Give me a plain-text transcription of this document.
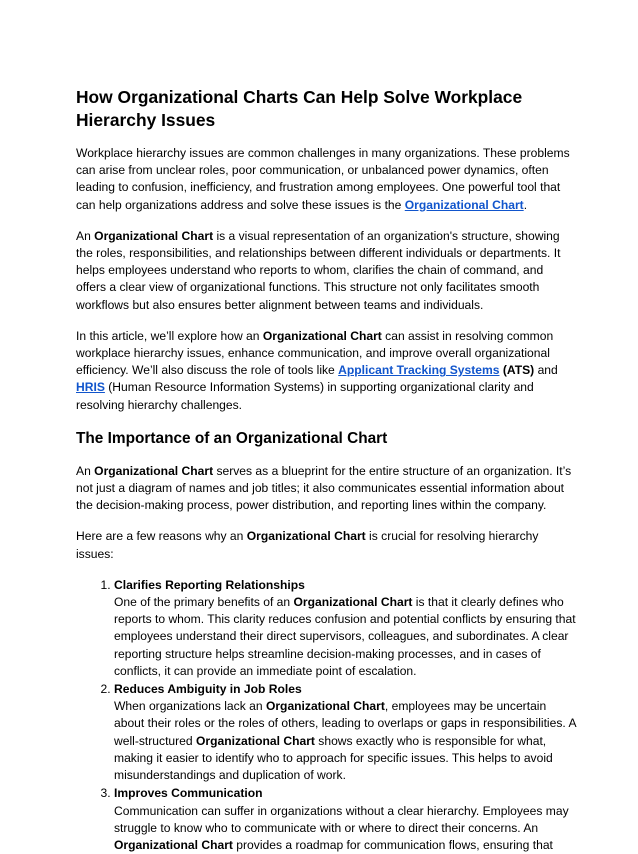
How Organizational Charts Can Help Solve Workplace Hierarchy Issues

Workplace hierarchy issues are common challenges in many organizations. These problems can arise from unclear roles, poor communication, or unbalanced power dynamics, often leading to confusion, inefficiency, and frustration among employees. One powerful tool that can help organizations address and solve these issues is the Organizational Chart.

An Organizational Chart is a visual representation of an organization's structure, showing the roles, responsibilities, and relationships between different individuals or departments. It helps employees understand who reports to whom, clarifies the chain of command, and offers a clear view of organizational functions. This structure not only facilitates smooth workflows but also ensures better alignment between teams and individuals.

In this article, we’ll explore how an Organizational Chart can assist in resolving common workplace hierarchy issues, enhance communication, and improve overall organizational efficiency. We’ll also discuss the role of tools like Applicant Tracking Systems (ATS) and HRIS (Human Resource Information Systems) in supporting organizational clarity and resolving hierarchy challenges.

The Importance of an Organizational Chart

An Organizational Chart serves as a blueprint for the entire structure of an organization. It’s not just a diagram of names and job titles; it also communicates essential information about the decision-making process, power distribution, and reporting lines within the company.

Here are a few reasons why an Organizational Chart is crucial for resolving hierarchy issues:

1. Clarifies Reporting Relationships
One of the primary benefits of an Organizational Chart is that it clearly defines who reports to whom. This clarity reduces confusion and potential conflicts by ensuring that employees understand their direct supervisors, colleagues, and subordinates. A clear reporting structure helps streamline decision-making processes, and in cases of conflicts, it can provide an immediate point of escalation.
2. Reduces Ambiguity in Job Roles
When organizations lack an Organizational Chart, employees may be uncertain about their roles or the roles of others, leading to overlaps or gaps in responsibilities. A well-structured Organizational Chart shows exactly who is responsible for what, making it easier to identify who to approach for specific issues. This helps to avoid misunderstandings and duplication of work.
3. Improves Communication
Communication can suffer in organizations without a clear hierarchy. Employees may struggle to know who to communicate with or where to direct their concerns. An Organizational Chart provides a roadmap for communication flows, ensuring that
